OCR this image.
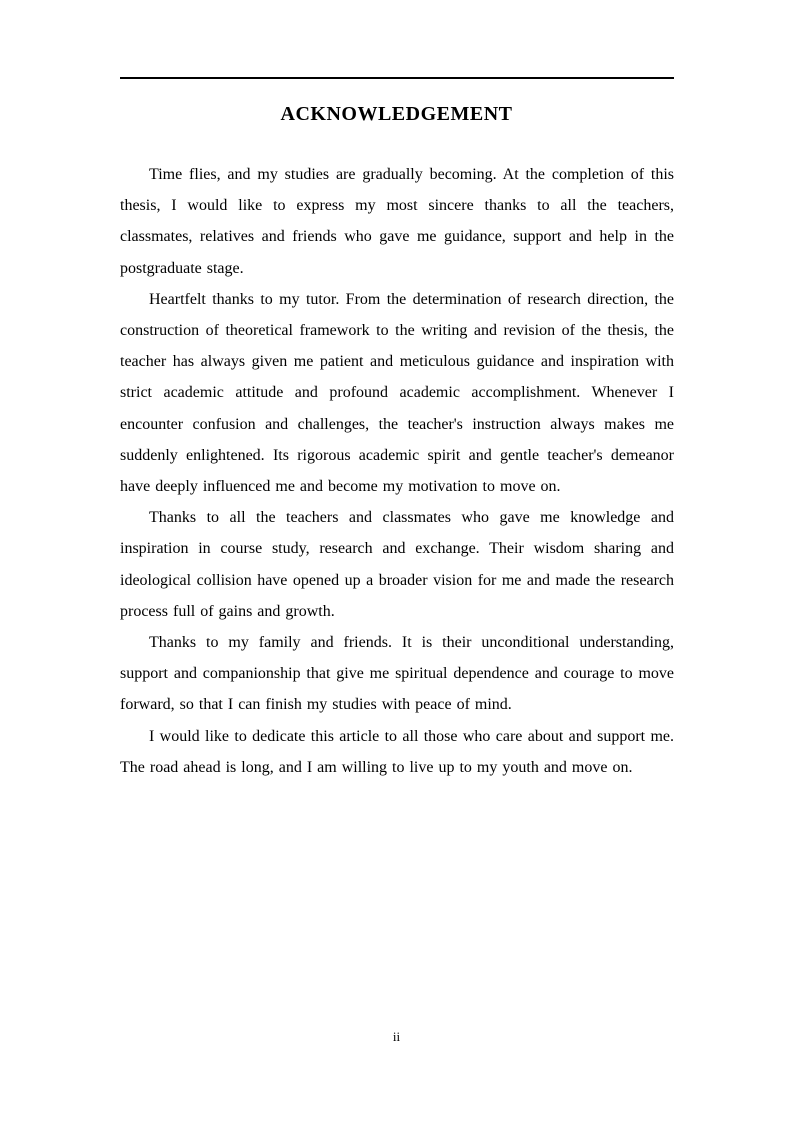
ACKNOWLEDGEMENT

Time flies, and my studies are gradually becoming. At the completion of this thesis, I would like to express my most sincere thanks to all the teachers, classmates, relatives and friends who gave me guidance, support and help in the postgraduate stage.

Heartfelt thanks to my tutor. From the determination of research direction, the construction of theoretical framework to the writing and revision of the thesis, the teacher has always given me patient and meticulous guidance and inspiration with strict academic attitude and profound academic accomplishment. Whenever I encounter confusion and challenges, the teacher's instruction always makes me suddenly enlightened. Its rigorous academic spirit and gentle teacher's demeanor have deeply influenced me and become my motivation to move on.

Thanks to all the teachers and classmates who gave me knowledge and inspiration in course study, research and exchange. Their wisdom sharing and ideological collision have opened up a broader vision for me and made the research process full of gains and growth.

Thanks to my family and friends. It is their unconditional understanding, support and companionship that give me spiritual dependence and courage to move forward, so that I can finish my studies with peace of mind.

I would like to dedicate this article to all those who care about and support me. The road ahead is long, and I am willing to live up to my youth and move on.

ii
